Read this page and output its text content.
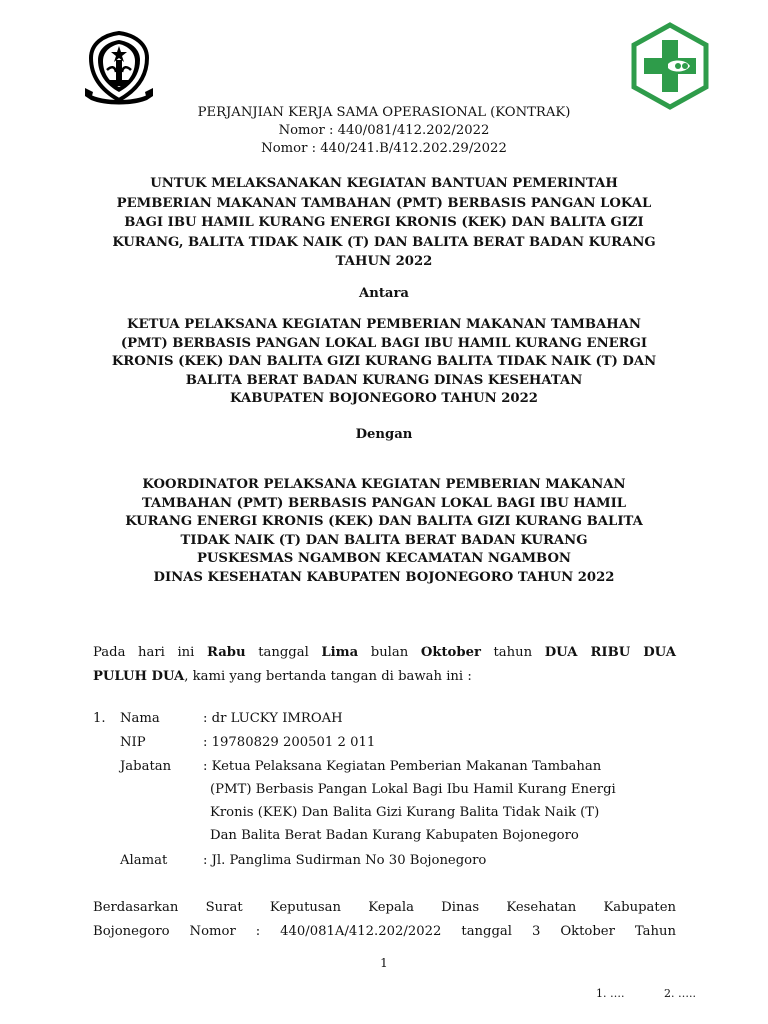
PERJANJIAN KERJA SAMA OPERASIONAL (KONTRAK)
Nomor : 440/081/412.202/2022
Nomor : 440/241.B/412.202.29/2022
UNTUK MELAKSANAKAN KEGIATAN BANTUAN PEMERINTAH
PEMBERIAN MAKANAN TAMBAHAN (PMT) BERBASIS PANGAN LOKAL
BAGI IBU HAMIL KURANG ENERGI KRONIS (KEK) DAN BALITA GIZI
KURANG, BALITA TIDAK NAIK (T) DAN BALITA BERAT BADAN KURANG
TAHUN 2022
Antara
KETUA PELAKSANA KEGIATAN PEMBERIAN MAKANAN TAMBAHAN
(PMT) BERBASIS PANGAN LOKAL BAGI IBU HAMIL KURANG ENERGI
KRONIS (KEK) DAN BALITA GIZI KURANG BALITA TIDAK NAIK (T) DAN
BALITA BERAT BADAN KURANG DINAS KESEHATAN
KABUPATEN BOJONEGORO TAHUN 2022
Dengan
KOORDINATOR PELAKSANA KEGIATAN PEMBERIAN MAKANAN
TAMBAHAN (PMT) BERBASIS PANGAN LOKAL BAGI IBU HAMIL
KURANG ENERGI KRONIS (KEK) DAN BALITA GIZI KURANG BALITA
TIDAK NAIK (T) DAN BALITA BERAT BADAN KURANG
PUSKESMAS NGAMBON KECAMATAN NGAMBON
DINAS KESEHATAN KABUPATEN BOJONEGORO TAHUN 2022
Pada hari ini Rabu tanggal Lima bulan Oktober tahun DUA RIBU DUA
PULUH DUA, kami yang bertanda tangan di bawah ini :
1. Nama	: dr LUCKY IMROAH
NIP	: 19780829 200501 2 011
Jabatan : Ketua Pelaksana Kegiatan Pemberian Makanan Tambahan
(PMT) Berbasis Pangan Lokal Bagi Ibu Hamil Kurang Energi
Kronis (KEK) Dan Balita Gizi Kurang Balita Tidak Naik (T)
Dan Balita Berat Badan Kurang Kabupaten Bojonegoro
Alamat	: Jl. Panglima Sudirman No 30 Bojonegoro
Berdasarkan Surat Keputusan Kepala Dinas Kesehatan Kabupaten
Bojonegoro Nomor : 440/081A/412.202/2022 tanggal 3 Oktober Tahun
1
1. ….	2. …..
